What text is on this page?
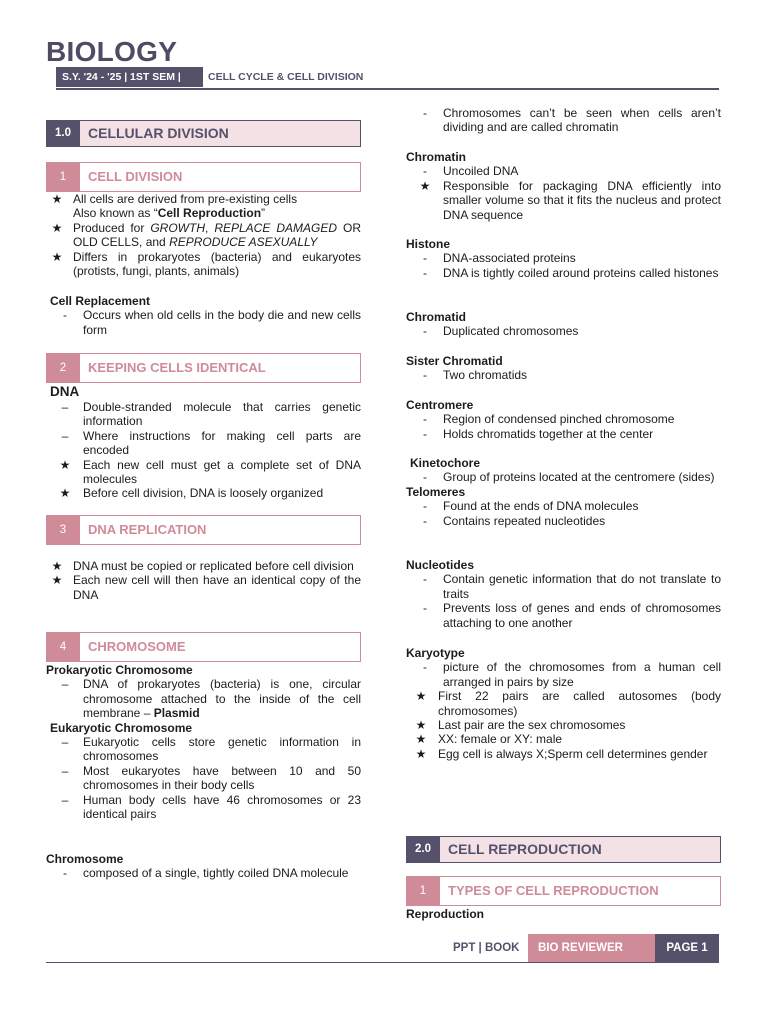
BIOLOGY
S.Y. '24 - '25 | 1ST SEM |	CELL CYCLE & CELL DIVISION
1.0	CELLULAR DIVISION
1	CELL DIVISION
★ All cells are derived from pre-existing cells
Also known as “Cell Reproduction”
★ Produced for GROWTH, REPLACE DAMAGED OR OLD CELLS, and REPRODUCE ASEXUALLY
★ Differs in prokaryotes (bacteria) and eukaryotes (protists, fungi, plants, animals)
Cell Replacement
-	Occurs when old cells in the body die and new cells form
2	KEEPING CELLS IDENTICAL
DNA
–	Double-stranded molecule that carries genetic information
–	Where instructions for making cell parts are encoded
★ Each new cell must get a complete set of DNA molecules
★ Before cell division, DNA is loosely organized
3	DNA REPLICATION
★ DNA must be copied or replicated before cell division
★ Each new cell will then have an identical copy of the DNA
4	CHROMOSOME
Prokaryotic Chromosome
–	DNA of prokaryotes (bacteria) is one, circular chromosome attached to the inside of the cell membrane – Plasmid
Eukaryotic Chromosome
–	Eukaryotic cells store genetic information in chromosomes
–	Most eukaryotes have between 10 and 50 chromosomes in their body cells
–	Human body cells have 46 chromosomes or 23 identical pairs
Chromosome
-	composed of a single, tightly coiled DNA molecule
-	Chromosomes can’t be seen when cells aren’t dividing and are called chromatin
Chromatin
-	Uncoiled DNA
★ Responsible for packaging DNA efficiently into smaller volume so that it fits the nucleus and protect DNA sequence
Histone
-	DNA-associated proteins
-	DNA is tightly coiled around proteins called histones
Chromatid
-	Duplicated chromosomes
Sister Chromatid
-	Two chromatids
Centromere
-	Region of condensed pinched chromosome
-	Holds chromatids together at the center
Kinetochore
-	Group of proteins located at the centromere (sides)
Telomeres
-	Found at the ends of DNA molecules
-	Contains repeated nucleotides
Nucleotides
-	Contain genetic information that do not translate to traits
-	Prevents loss of genes and ends of chromosomes attaching to one another
Karyotype
-	picture of the chromosomes from a human cell arranged in pairs by size
★ First 22 pairs are called autosomes (body chromosomes)
★ Last pair are the sex chromosomes
★ XX: female or XY: male
★ Egg cell is always X;Sperm cell determines gender
2.0	CELL REPRODUCTION
1	TYPES OF CELL REPRODUCTION
Reproduction
PPT | BOOK	BIO REVIEWER	PAGE 1
